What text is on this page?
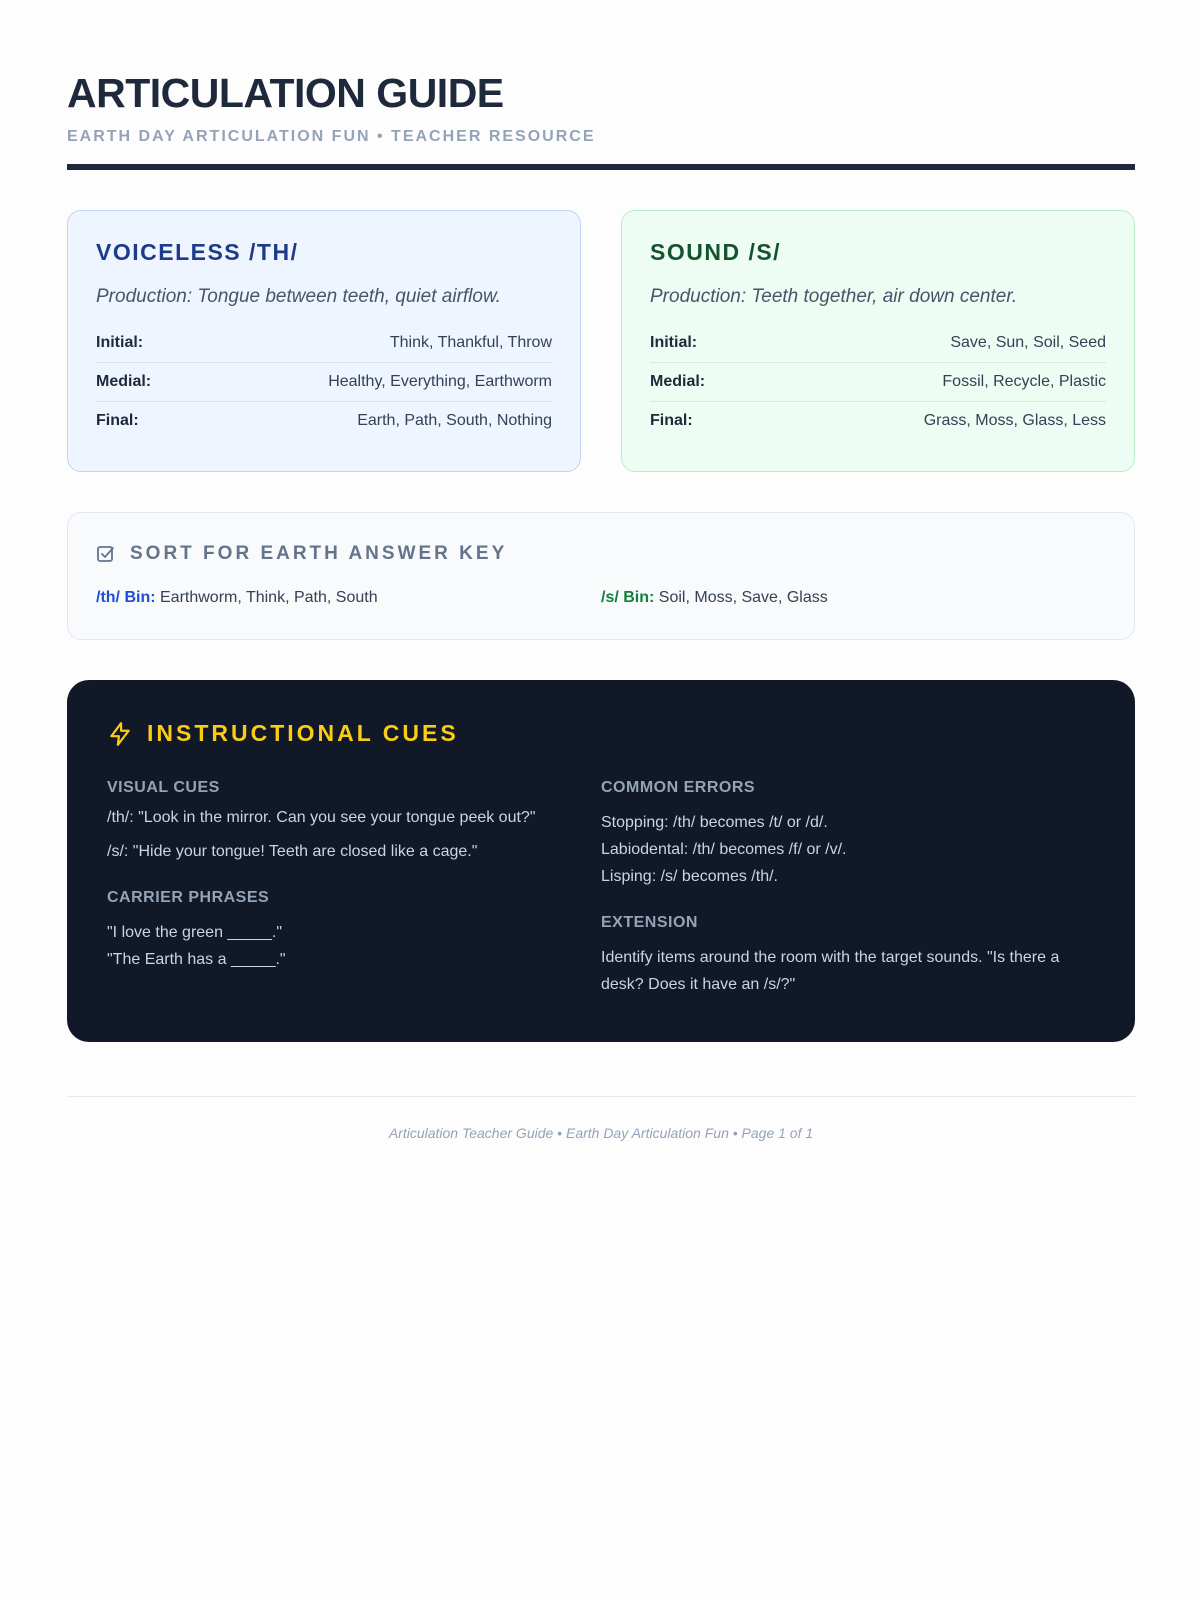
ARTICULATION GUIDE
EARTH DAY ARTICULATION FUN • TEACHER RESOURCE
VOICELESS /TH/
Production: Tongue between teeth, quiet airflow.
Initial:	Think, Thankful, Throw
Medial:	Healthy, Everything, Earthworm
Final:	Earth, Path, South, Nothing
SOUND /S/
Production: Teeth together, air down center.
Initial:	Save, Sun, Soil, Seed
Medial:	Fossil, Recycle, Plastic
Final:	Grass, Moss, Glass, Less
SORT FOR EARTH ANSWER KEY
/th/ Bin: Earthworm, Think, Path, South	/s/ Bin: Soil, Moss, Save, Glass
INSTRUCTIONAL CUES
VISUAL CUES

/th/: "Look in the mirror. Can you see your tongue peek out?"

/s/: "Hide your tongue! Teeth are closed like a cage."

CARRIER PHRASES

"I love the green _____."

"The Earth has a _____."

COMMON ERRORS

Stopping: /th/ becomes /t/ or /d/.

Labiodental: /th/ becomes /f/ or /v/.

Lisping: /s/ becomes /th/.

EXTENSION

Identify items around the room with the target sounds. "Is there a desk? Does it have an /s/?"

Articulation Teacher Guide • Earth Day Articulation Fun • Page 1 of 1
